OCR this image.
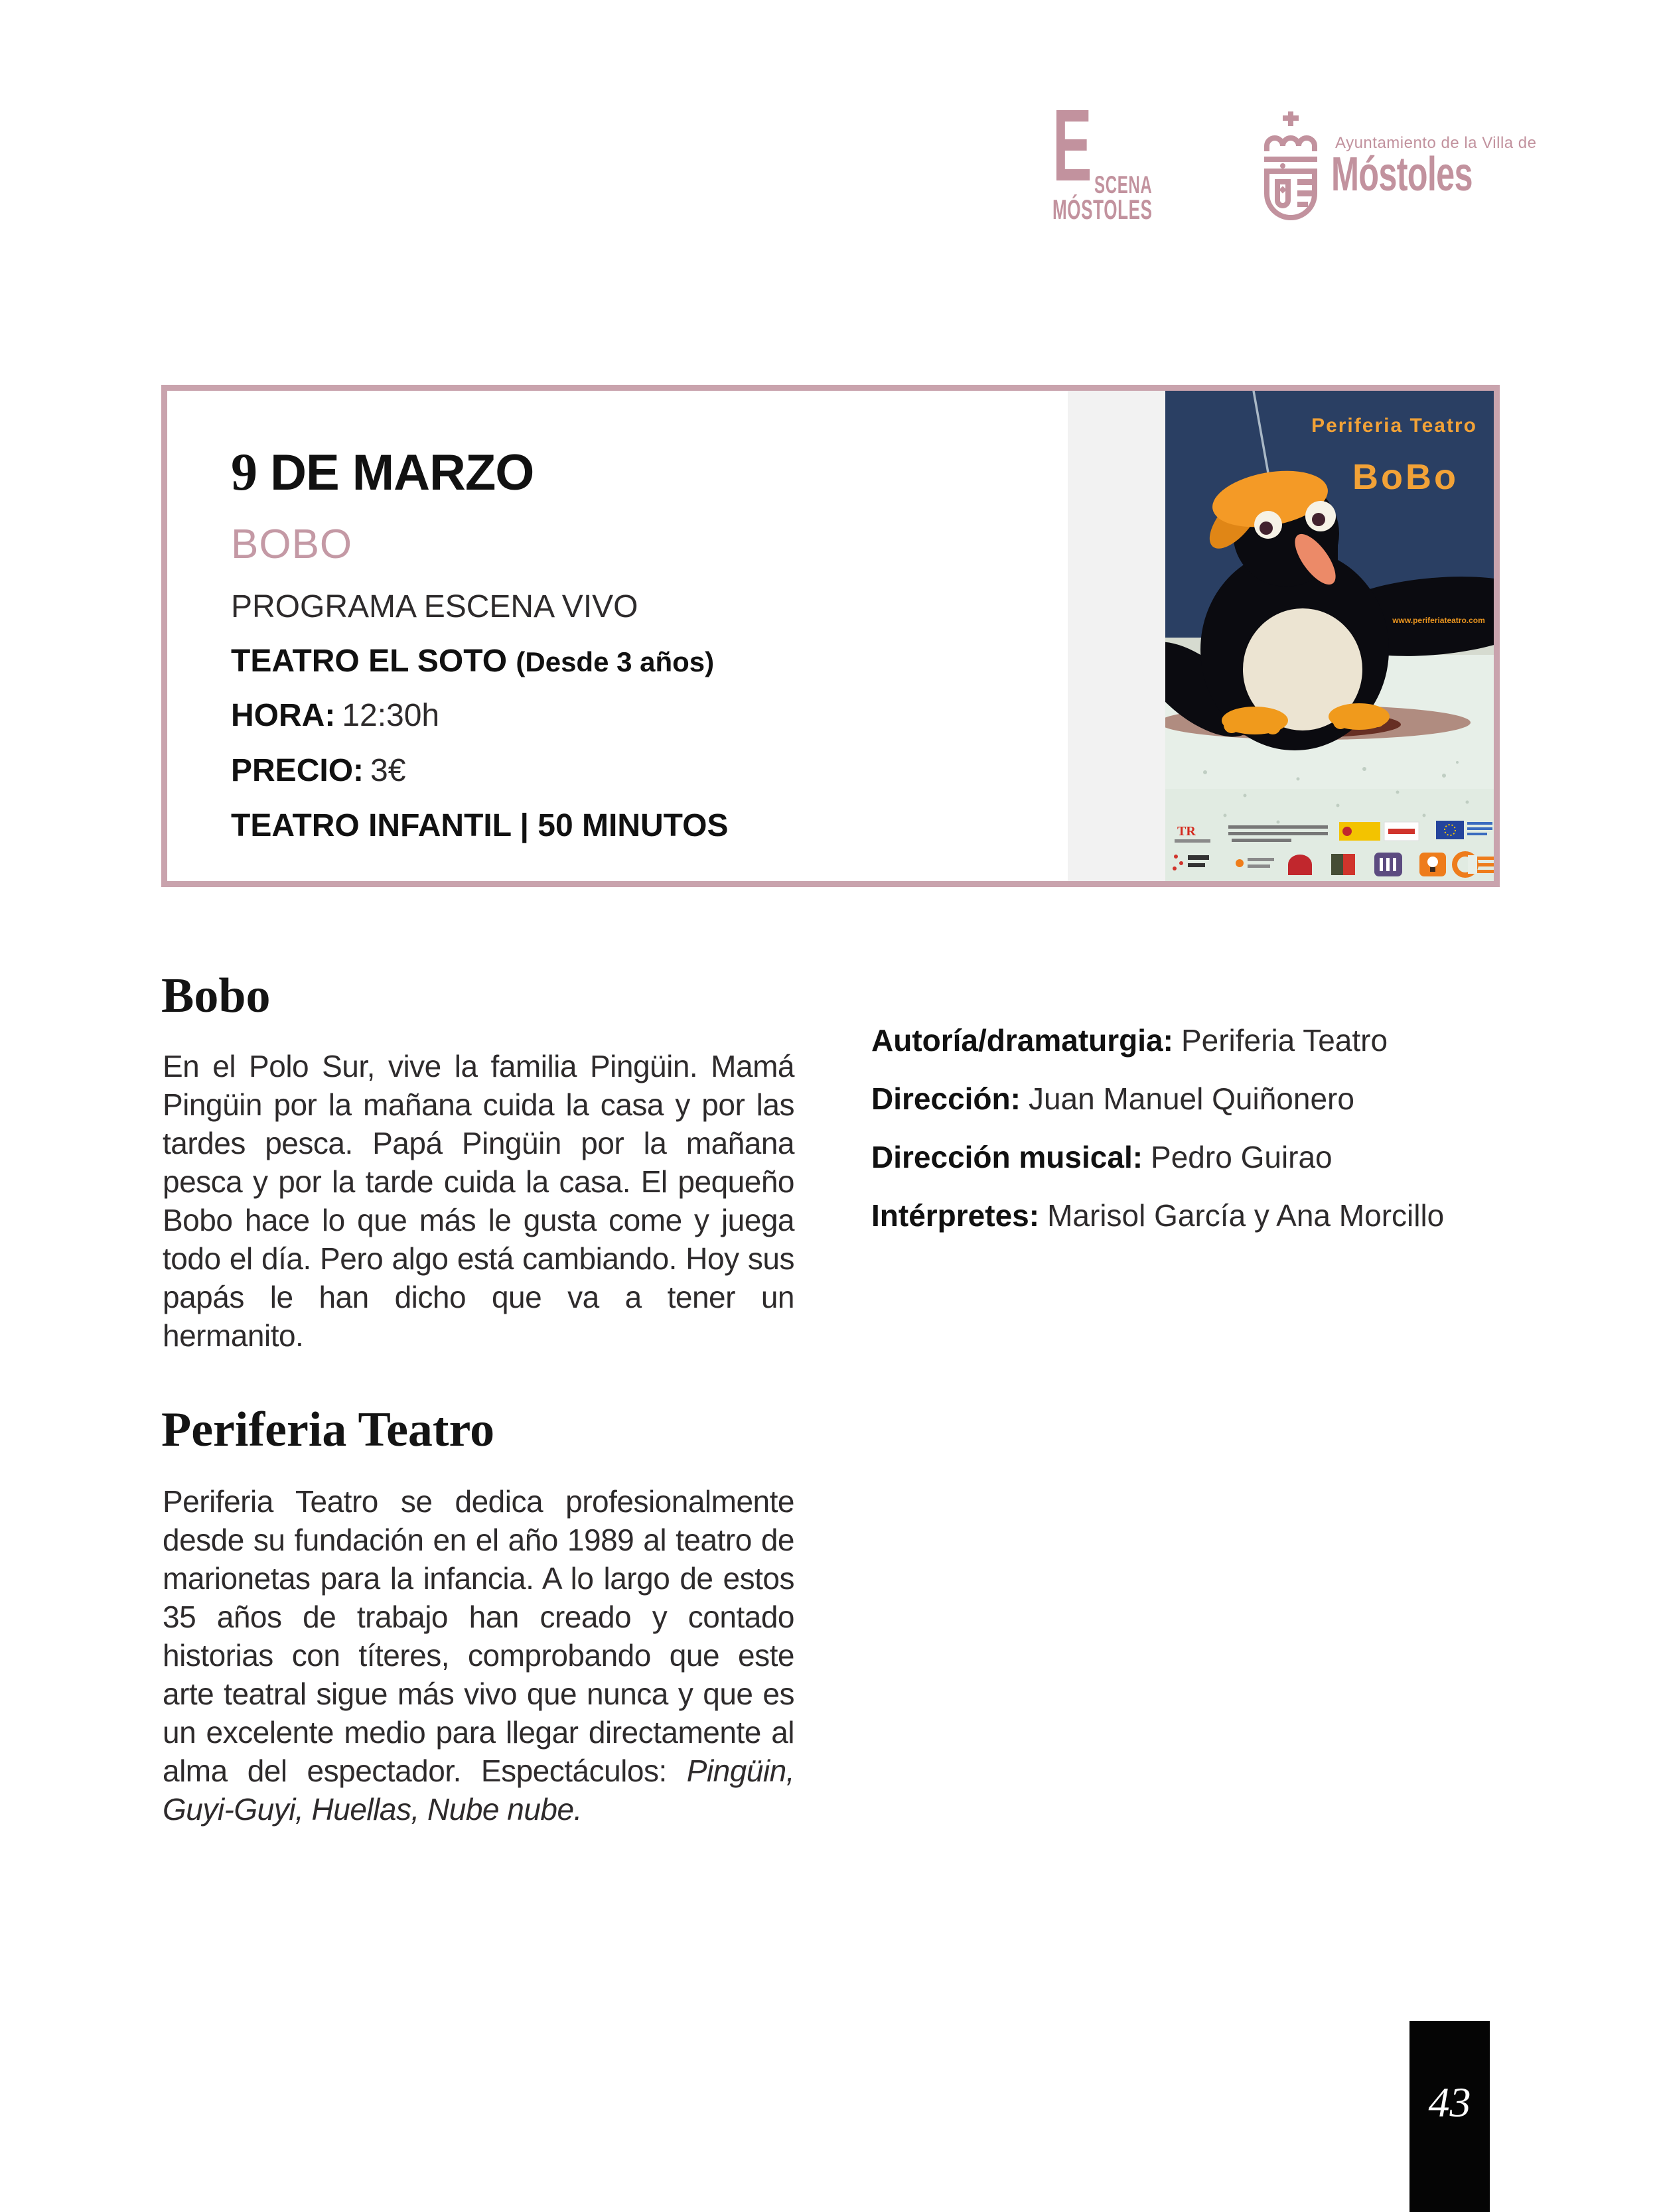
E SCENA
MÓSTOLES
Ayuntamiento de la Villa de
Móstoles
9 DE MARZO
BOBO
PROGRAMA ESCENA VIVO
TEATRO EL SOTO (Desde 3 años)
HORA: 12:30h
PRECIO: 3€
TEATRO INFANTIL | 50 MINUTOS
Periferia Teatro
BoBo
www.periferiateatro.com
TR
Bobo

En el Polo Sur, vive la familia Pingüin. Mamá Pingüin por la mañana cuida la casa y por las tardes pesca. Papá Pingüin por la mañana pesca y por la tarde cuida la casa. El pequeño Bobo hace lo que más le gusta come y juega todo el día. Pero algo está cambiando. Hoy sus papás le han dicho que va a tener un hermanito.

Autoría/dramaturgia: Periferia Teatro
Dirección: Juan Manuel Quiñonero
Dirección musical: Pedro Guirao
Intérpretes: Marisol García y Ana Morcillo
Periferia Teatro

Periferia Teatro se dedica profesionalmente desde su fundación en el año 1989 al teatro de marionetas para la infancia. A lo largo de estos 35 años de trabajo han creado y contado historias con títeres, comprobando que este arte teatral sigue más vivo que nunca y que es un excelente medio para llegar directamente al alma del espectador. Espectáculos: Pingüin, Guyi-Guyi, Huellas, Nube nube.

43
